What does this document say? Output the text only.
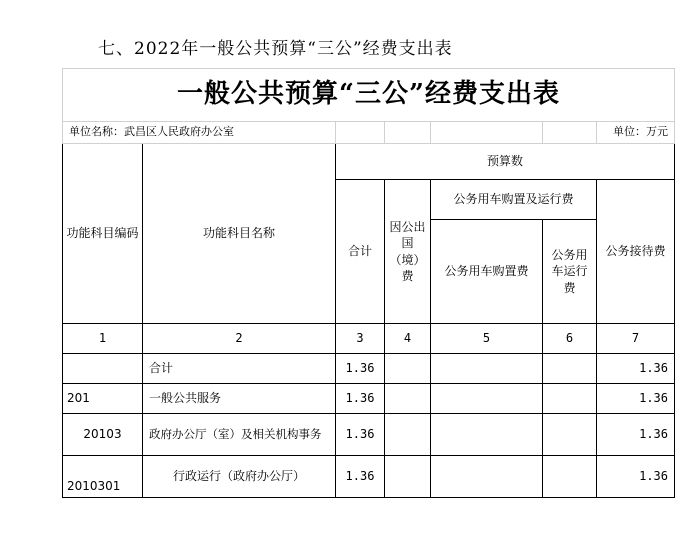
七、2022年一般公共预算“三公”经费支出表
一般公共预算“三公”经费支出表						
单位名称：武昌区人民政府办公室						单位：万元
功能科目编码	功能科目名称	预算数				
		合计	因公出国（境）费	公务用车购置及运行费		公务接待费
				公务用车购置费	公务用车运行费	

1	2	3	4	5	6	7
	合计	1.36				1.36
201	一般公共服务	1.36				1.36
20103	政府办公厅（室）及相关机构事务	1.36				1.36
2010301	行政运行（政府办公厅）	1.36				1.36
